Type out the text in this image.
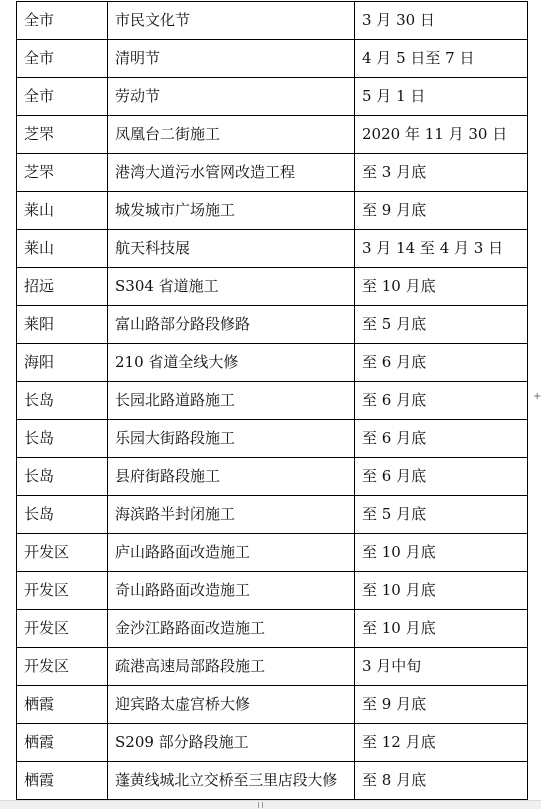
全市	市民文化节	3 月 30 日
全市	清明节	4 月 5 日至 7 日
全市	劳动节	5 月 1 日
芝罘	凤凰台二街施工	2020 年 11 月 30 日
芝罘	港湾大道污水管网改造工程	至 3 月底
莱山	城发城市广场施工	至 9 月底
莱山	航天科技展	3 月 14 至 4 月 3 日
招远	S304 省道施工	至 10 月底
莱阳	富山路部分路段修路	至 5 月底
海阳	210 省道全线大修	至 6 月底
长岛	长园北路道路施工	至 6 月底
长岛	乐园大街路段施工	至 6 月底
长岛	县府街路段施工	至 6 月底
长岛	海滨路半封闭施工	至 5 月底
开发区	庐山路路面改造施工	至 10 月底
开发区	奇山路路面改造施工	至 10 月底
开发区	金沙江路路面改造施工	至 10 月底
开发区	疏港高速局部路段施工	3 月中旬
栖霞	迎宾路太虚宫桥大修	至 9 月底
栖霞	S209 部分路段施工	至 12 月底
栖霞	蓬黄线城北立交桥至三里店段大修	至 8 月底
+
